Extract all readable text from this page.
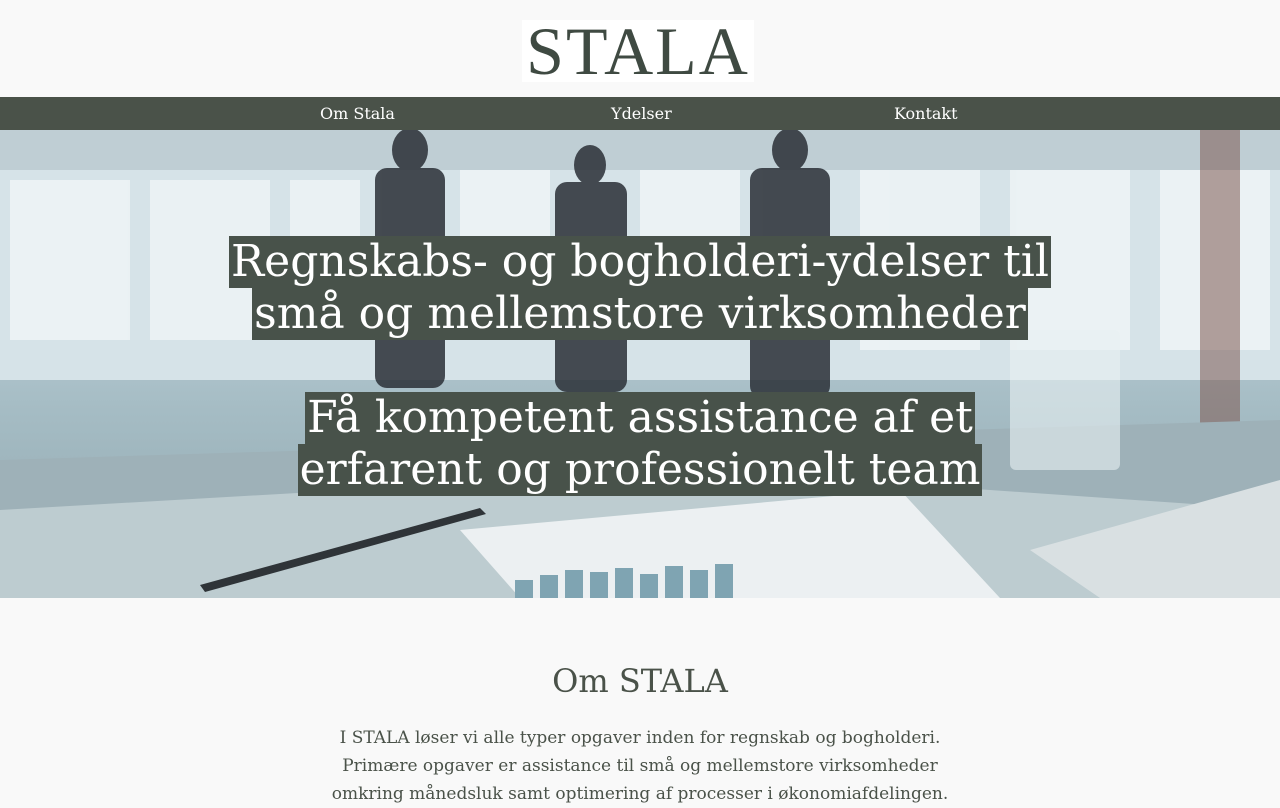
STALA
Om Stala	Ydelser	Kontakt
Regnskabs- og bogholderi-ydelser til
små og mellemstore virksomheder
Få kompetent assistance af et
erfarent og professionelt team
Om STALA
I STALA løser vi alle typer opgaver inden for regnskab og bogholderi.
Primære opgaver er assistance til små og mellemstore virksomheder
omkring månedsluk samt optimering af processer i økonomiafdelingen.
